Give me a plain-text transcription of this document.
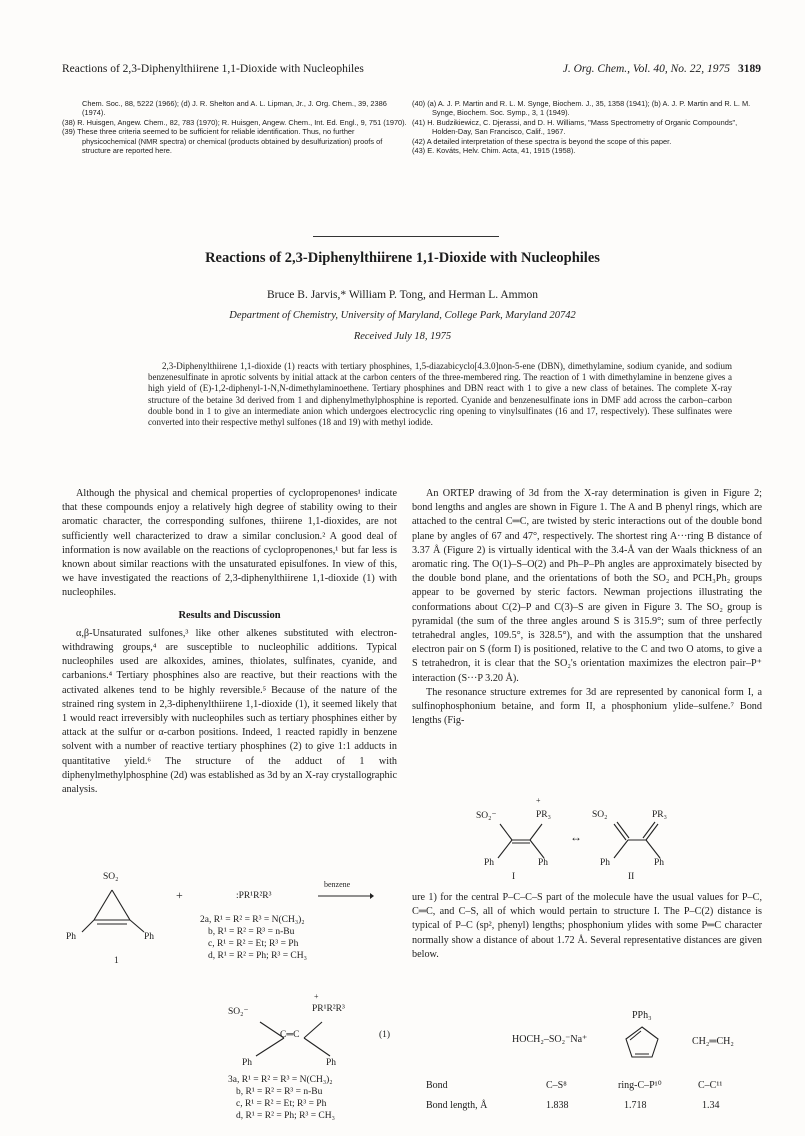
Reactions of 2,3-Diphenylthiirene 1,1-Dioxide with Nucleophiles	J. Org. Chem., Vol. 40, No. 22, 1975 3189
Chem. Soc., 88, 5222 (1966); (d) J. R. Shelton and A. L. Lipman, Jr., J. Org. Chem., 39, 2386 (1974).
(38) R. Huisgen, Angew. Chem., 82, 783 (1970); R. Huisgen, Angew. Chem., Int. Ed. Engl., 9, 751 (1970).
(39) These three criteria seemed to be sufficient for reliable identification. Thus, no further physicochemical (NMR spectra) or chemical (products obtained by desulfurization) proofs of structure are reported here.
(40) (a) A. J. P. Martin and R. L. M. Synge, Biochem. J., 35, 1358 (1941); (b) A. J. P. Martin and R. L. M. Synge, Biochem. Soc. Symp., 3, 1 (1949).
(41) H. Budzikiewicz, C. Djerassi, and D. H. Williams, "Mass Spectrometry of Organic Compounds", Holden-Day, San Francisco, Calif., 1967.
(42) A detailed interpretation of these spectra is beyond the scope of this paper.
(43) E. Kováts, Helv. Chim. Acta, 41, 1915 (1958).
Reactions of 2,3-Diphenylthiirene 1,1-Dioxide with Nucleophiles
Bruce B. Jarvis,* William P. Tong, and Herman L. Ammon
Department of Chemistry, University of Maryland, College Park, Maryland 20742
Received July 18, 1975
2,3-Diphenylthiirene 1,1-dioxide (1) reacts with tertiary phosphines, 1,5-diazabicyclo[4.3.0]non-5-ene (DBN), dimethylamine, sodium cyanide, and sodium benzenesulfinate in aprotic solvents by initial attack at the carbon centers of the three-membered ring. The reaction of 1 with dimethylamine in benzene gives a high yield of (E)-1,2-diphenyl-1-N,N-dimethylaminoethene. Tertiary phosphines and DBN react with 1 to give a new class of betaines. The complete X-ray structure of the betaine 3d derived from 1 and diphenylmethylphosphine is reported. Cyanide and benzenesulfinate ions in DMF add across the carbon–carbon double bond in 1 to give an intermediate anion which undergoes electrocyclic ring opening to vinylsulfinates (16 and 17, respectively). These sulfinates were converted into their respective methyl sulfones (18 and 19) with methyl iodide.

Although the physical and chemical properties of cyclopropenones¹ indicate that these compounds enjoy a relatively high degree of stability owing to their aromatic character, the corresponding sulfones, thiirene 1,1-dioxides, are not sufficiently well characterized to draw a similar conclusion.² A good deal of information is now available on the reactions of cyclopropenones,¹ but far less is known about similar reactions with the unsaturated episulfones. In view of this, we have investigated the reactions of 2,3-diphenylthiirene 1,1-dioxide (1) with nucleophiles.

Results and Discussion

α,β-Unsaturated sulfones,³ like other alkenes substituted with electron-withdrawing groups,⁴ are susceptible to nucleophilic additions. Typical nucleophiles used are alkoxides, amines, thiolates, sulfinates, cyanide, and carbanions.⁴ Tertiary phosphines also are reactive, but their reactions with the activated alkenes tend to be highly reversible.⁵ Because of the nature of the strained ring system in 2,3-diphenylthiirene 1,1-dioxide (1), it seemed likely that 1 would react irreversibly with nucleophiles such as tertiary phosphines either by attack at the sulfur or α-carbon positions. Indeed, 1 reacted rapidly in benzene solvent with a number of reactive tertiary phosphines (2) to give 1:1 adducts in quantitative yield.⁶ The structure of the adduct of 1 with diphenylmethylphosphine (2d) was established as 3d by an X-ray crystallographic analysis.

SO₂
Ph	Ph
1
+	:PR¹R²R³
benzene
2a, R¹ = R² = R³ = N(CH₃)₂
b, R¹ = R² = R³ = n-Bu
c, R¹ = R² = Et; R³ = Ph
d, R¹ = R² = Ph; R³ = CH₃
+
SO₂⁻	PR¹R²R³
C═C
Ph	Ph
(1)
3a, R¹ = R² = R³ = N(CH₃)₂
b, R¹ = R² = R³ = n-Bu
c, R¹ = R² = Et; R³ = Ph
d, R¹ = R² = Ph; R³ = CH₃

An ORTEP drawing of 3d from the X-ray determination is given in Figure 2; bond lengths and angles are shown in Figure 1. The A and B phenyl rings, which are attached to the central C═C, are twisted by steric interactions out of the double bond plane by angles of 67 and 47°, respectively. The shortest ring A···ring B distance of 3.37 Å (Figure 2) is virtually identical with the 3.4-Å van der Waals thickness of an aromatic ring. The O(1)–S–O(2) and Ph–P–Ph angles are approximately bisected by the double bond plane, and the orientations of both the SO₂ and PCH₃Ph₂ groups appear to be governed by steric factors. Newman projections illustrating the conformations about C(2)–P and C(3)–S are given in Figure 3. The SO₂ group is pyramidal (the sum of the three angles around S is 315.9°; sum of three perfectly tetrahedral angles, 109.5°, is 328.5°), and with the assumption that the unshared electron pair on S (form I) is positioned, relative to the C and two O atoms, to give a S tetrahedron, it is clear that the SO₂'s orientation maximizes the electron pair–P⁺ interaction (S···P 3.20 Å).

The resonance structure extremes for 3d are represented by canonical form I, a sulfinophosphonium betaine, and form II, a phosphonium ylide–sulfene.⁷ Bond lengths (Fig-

+
SO₂⁻	PR₃
Ph	Ph
I
↔
SO₂	PR₃
Ph	Ph
II

ure 1) for the central P–C–C–S part of the molecule have the usual values for P–C, C═C, and C–S, all of which would pertain to structure I. The P–C(2) distance is typical of P–C (sp², phenyl) lengths; phosphonium ylides with some P═C character normally show a distance of about 1.72 Å. Several representative distances are given below.

HOCH₂–SO₂⁻Na⁺
PPh₃
CH₂═CH₂
Bond	C–S⁸	ring-C–P¹⁰	C–C¹¹
Bond length, Å	1.838	1.718	1.34
